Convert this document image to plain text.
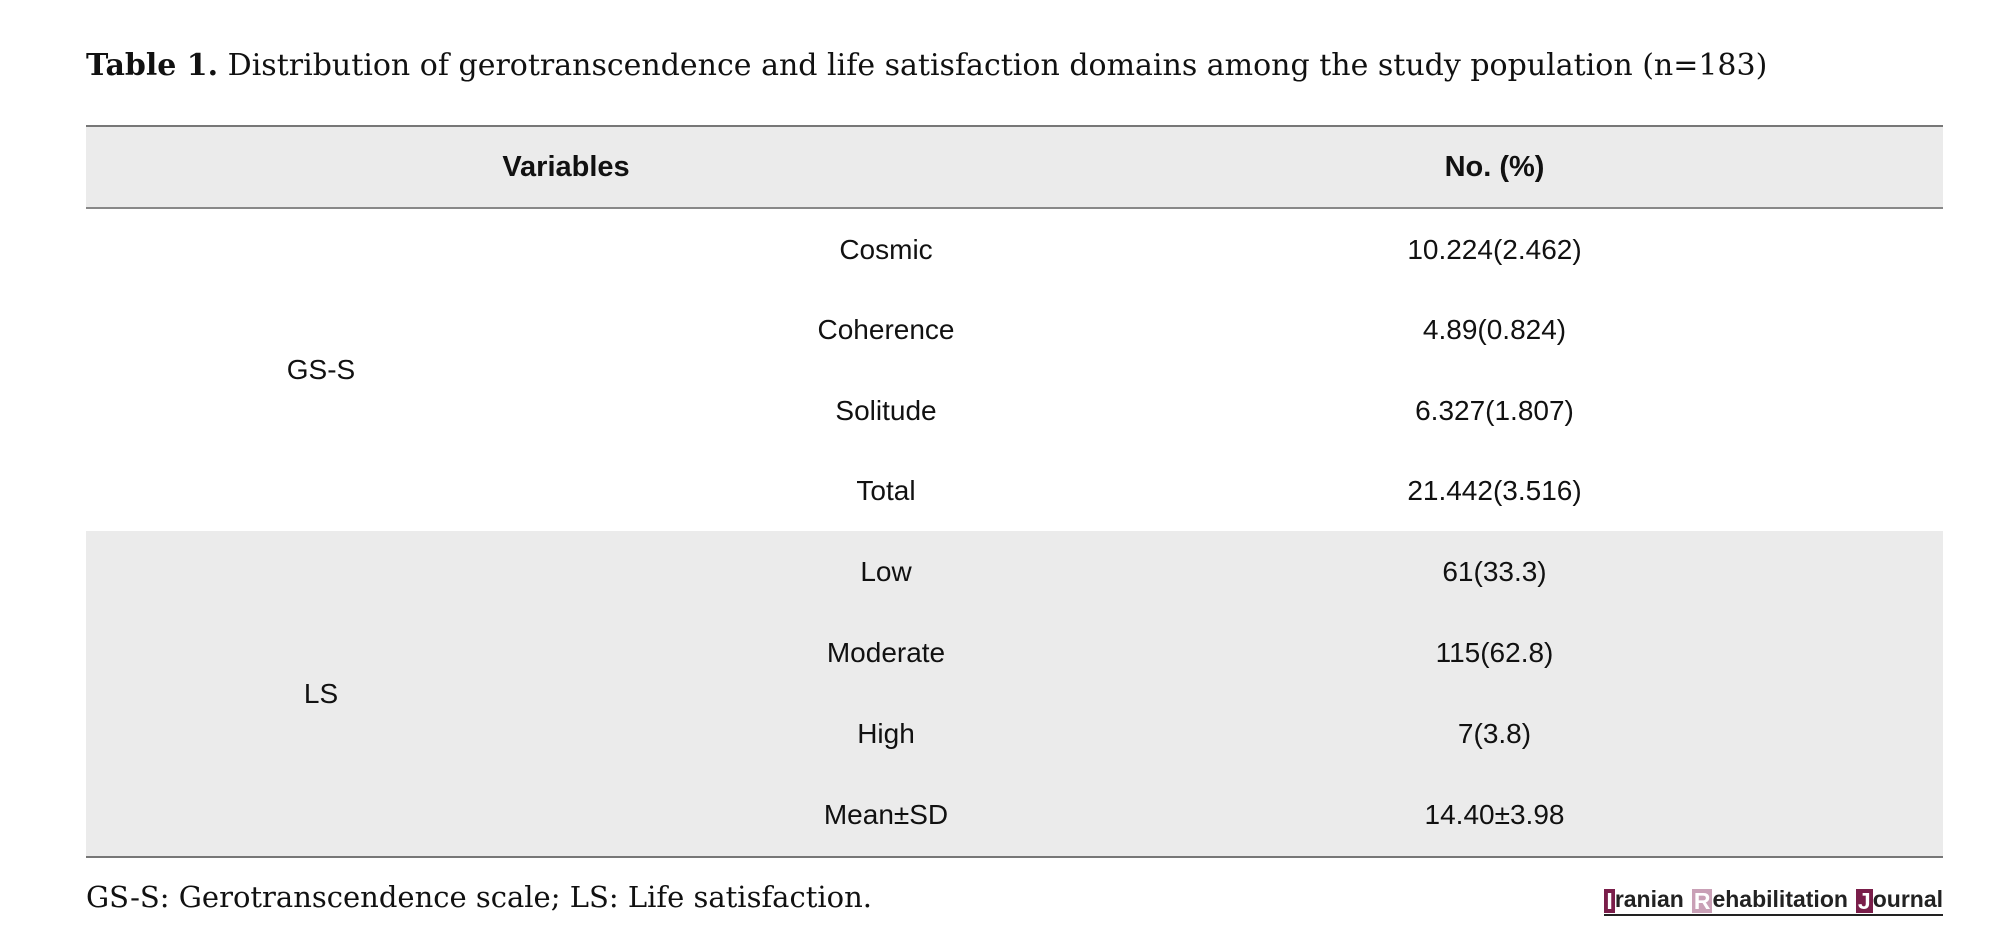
Table 1. Distribution of gerotranscendence and life satisfaction domains among the study population (n=183)
Variables	No. (%)
GS-S
Cosmic	10.224(2.462)
Coherence	4.89(0.824)
Solitude	6.327(1.807)
Total	21.442(3.516)
LS
Low	61(33.3)
Moderate	115(62.8)
High	7(3.8)
Mean±SD	14.40±3.98
GS-S: Gerotranscendence scale; LS: Life satisfaction.	I ranian R ehabilitation J ournal
